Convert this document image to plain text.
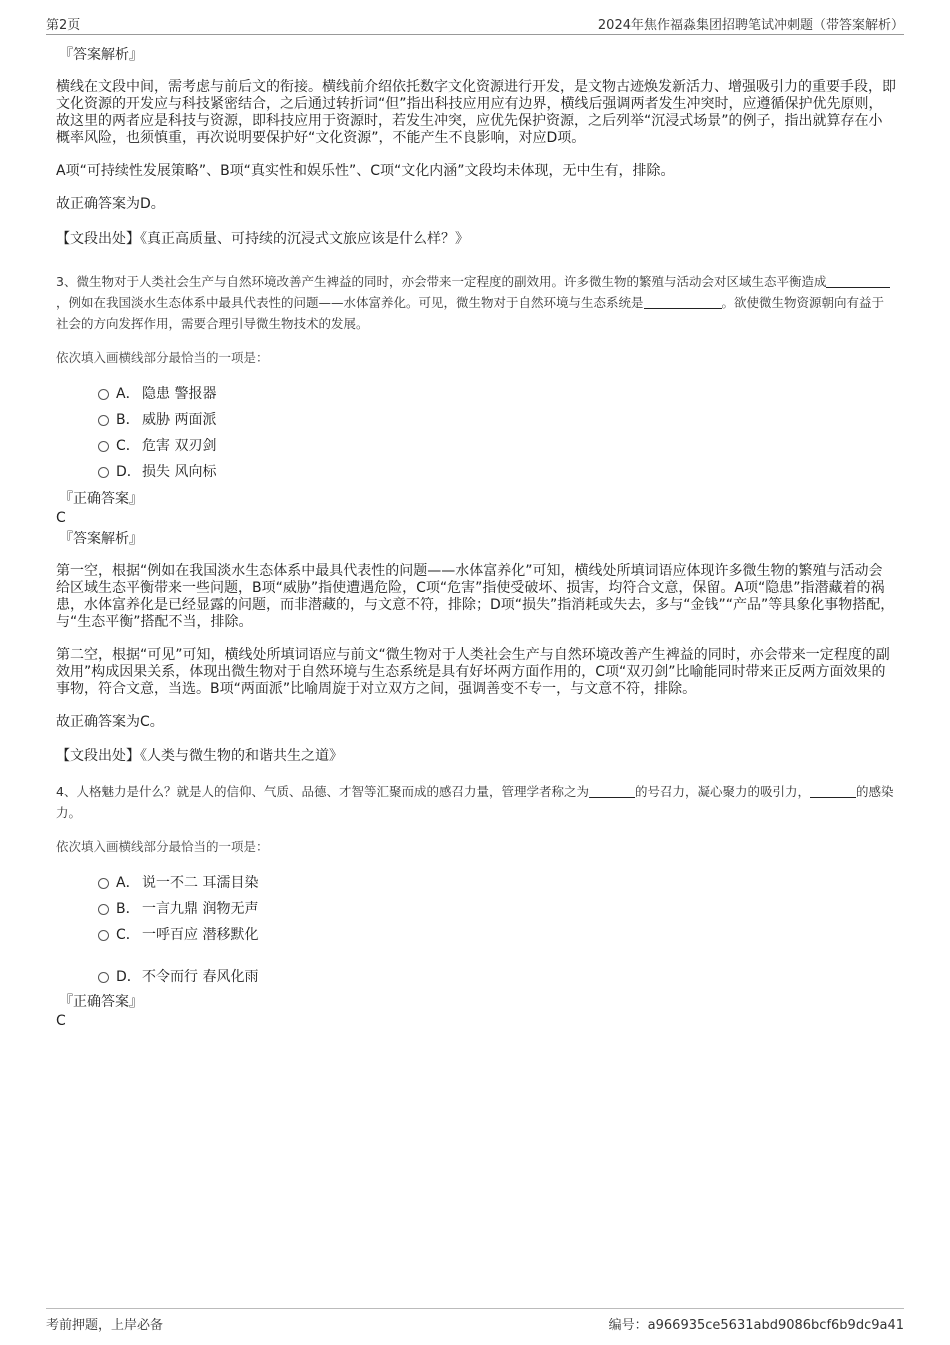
第2页	2024年焦作福淼集团招聘笔试冲刺题（带答案解析）
『答案解析』

横线在文段中间，需考虑与前后文的衔接。横线前介绍依托数字文化资源进行开发，是文物古迹焕发新活力、增强吸引力的重要手段，即文化资源的开发应与科技紧密结合，之后通过转折词“但”指出科技应用应有边界，横线后强调两者发生冲突时，应遵循保护优先原则，故这里的两者应是科技与资源，即科技应用于资源时，若发生冲突，应优先保护资源，之后列举“沉浸式场景”的例子，指出就算存在小概率风险，也须慎重，再次说明要保护好“文化资源”，不能产生不良影响，对应D项。

A项“可持续性发展策略”、B项“真实性和娱乐性”、C项“文化内涵”文段均未体现，无中生有，排除。

故正确答案为D。

【文段出处】《真正高质量、可持续的沉浸式文旅应该是什么样？》

3、微生物对于人类社会生产与自然环境改善产生裨益的同时，亦会带来一定程度的副效用。许多微生物的繁殖与活动会对区域生态平衡造成，例如在我国淡水生态体系中最具代表性的问题——水体富养化。可见，微生物对于自然环境与生态系统是	。欲使微生物资源朝向有益于社会的方向发挥作用，需要合理引导微生物技术的发展。

依次填入画横线部分最恰当的一项是：

A． 隐患 警报器
B． 威胁 两面派
C． 危害 双刃剑
D． 损失 风向标
『正确答案』
C
『答案解析』

第一空，根据“例如在我国淡水生态体系中最具代表性的问题——水体富养化”可知，横线处所填词语应体现许多微生物的繁殖与活动会给区域生态平衡带来一些问题，B项“威胁”指使遭遇危险，C项“危害”指使受破坏、损害，均符合文意，保留。A项“隐患”指潜藏着的祸患，水体富养化是已经显露的问题，而非潜藏的，与文意不符，排除；D项“损失”指消耗或失去，多与“金钱”“产品”等具象化事物搭配，与“生态平衡”搭配不当，排除。

第二空，根据“可见”可知，横线处所填词语应与前文“微生物对于人类社会生产与自然环境改善产生裨益的同时，亦会带来一定程度的副效用”构成因果关系，体现出微生物对于自然环境与生态系统是具有好坏两方面作用的，C项“双刃剑”比喻能同时带来正反两方面效果的事物，符合文意，当选。B项“两面派”比喻周旋于对立双方之间，强调善变不专一，与文意不符，排除。

故正确答案为C。

【文段出处】《人类与微生物的和谐共生之道》

4、人格魅力是什么？就是人的信仰、气质、品德、才智等汇聚而成的感召力量，管理学者称之为	的号召力，凝心聚力的吸引力，	的感染力。

依次填入画横线部分最恰当的一项是：

A． 说一不二 耳濡目染
B． 一言九鼎 润物无声
C． 一呼百应 潜移默化
D． 不令而行 春风化雨
『正确答案』
C
考前押题，上岸必备	编号：a966935ce5631abd9086bcf6b9dc9a41
